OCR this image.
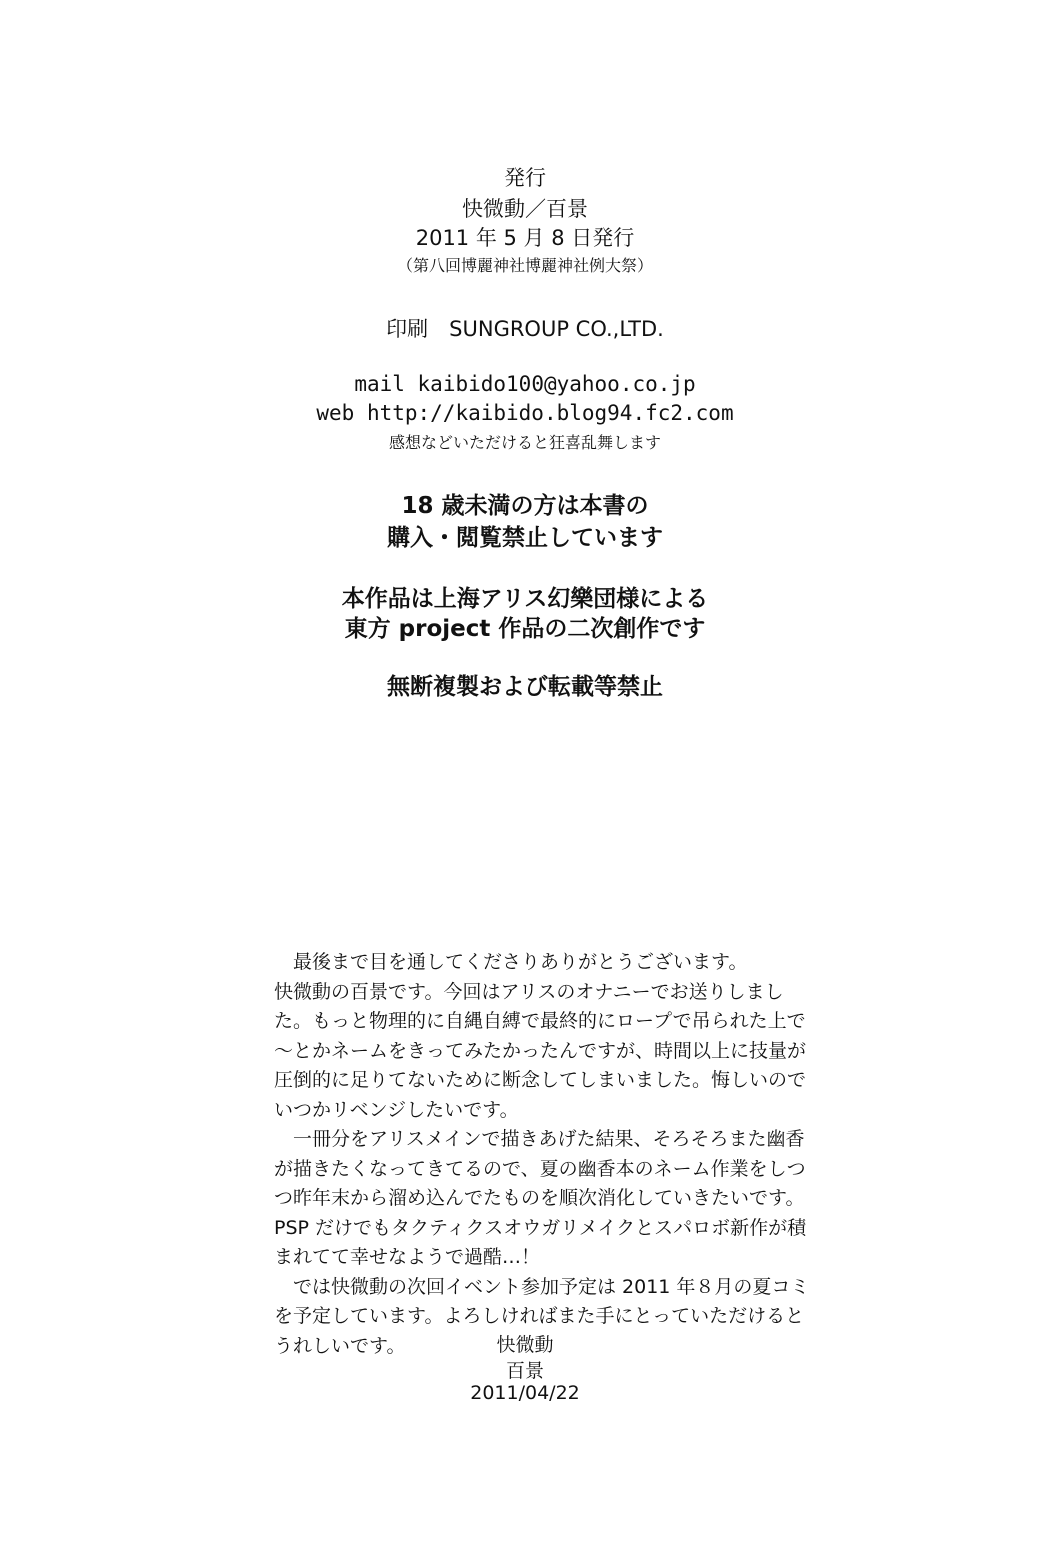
発行
快微動／百景
2011 年 5 月 8 日発行
（第八回博麗神社博麗神社例大祭）
印刷　SUNGROUP CO.,LTD.
mail kaibido100@yahoo.co.jp
web http://kaibido.blog94.fc2.com
感想などいただけると狂喜乱舞します
18 歳未満の方は本書の
購入・閲覧禁止しています
本作品は上海アリス幻樂団様による
東方 project 作品の二次創作です
無断複製および転載等禁止

最後まで目を通してくださりありがとうございます。
快微動の百景です。今回はアリスのオナニーでお送りしました。もっと物理的に自縄自縛で最終的にロープで吊られた上で～とかネームをきってみたかったんですが、時間以上に技量が圧倒的に足りてないために断念してしまいました。悔しいのでいつかリベンジしたいです。

一冊分をアリスメインで描きあげた結果、そろそろまた幽香が描きたくなってきてるので、夏の幽香本のネーム作業をしつつ昨年末から溜め込んでたものを順次消化していきたいです。PSP だけでもタクティクスオウガリメイクとスパロボ新作が積まれてて幸せなようで過酷…！

では快微動の次回イベント参加予定は 2011 年８月の夏コミを予定しています。よろしければまた手にとっていただけるとうれしいです。	快微動
百景
2011/04/22
